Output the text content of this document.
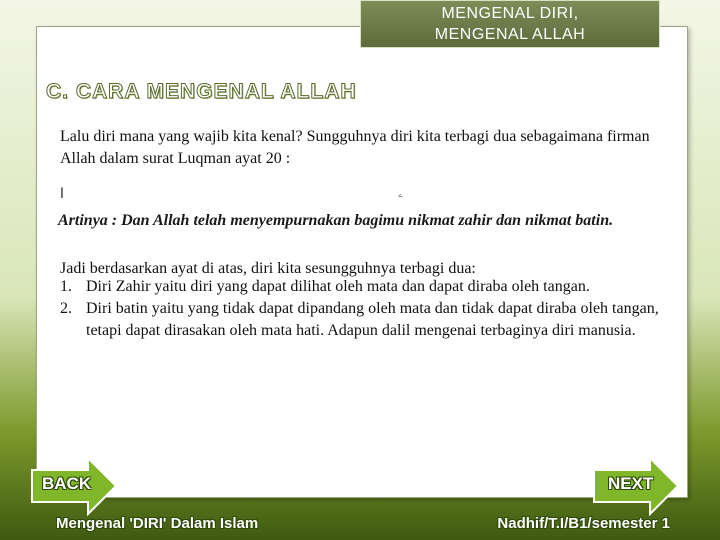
MENGENAL DIRI,
MENGENAL ALLAH
C. CARA MENGENAL ALLAH
Lalu diri mana yang wajib kita kenal? Sungguhnya diri kita terbagi dua sebagaimana firman Allah dalam surat Luqman ayat 20 :
ا	ۦ
Artinya : Dan Allah telah menyempurnakan bagimu nikmat zahir dan nikmat batin.
Jadi berdasarkan ayat di atas, diri kita sesungguhnya terbagi dua:
1. Diri Zahir yaitu diri yang dapat dilihat oleh mata dan dapat diraba oleh tangan.
2. Diri batin yaitu yang tidak dapat dipandang oleh mata dan tidak dapat diraba oleh tangan, tetapi dapat dirasakan oleh mata hati. Adapun dalil mengenai terbaginya diri manusia.
BACK	NEXT
Mengenal 'DIRI' Dalam Islam	Nadhif/T.I/B1/semester 1
